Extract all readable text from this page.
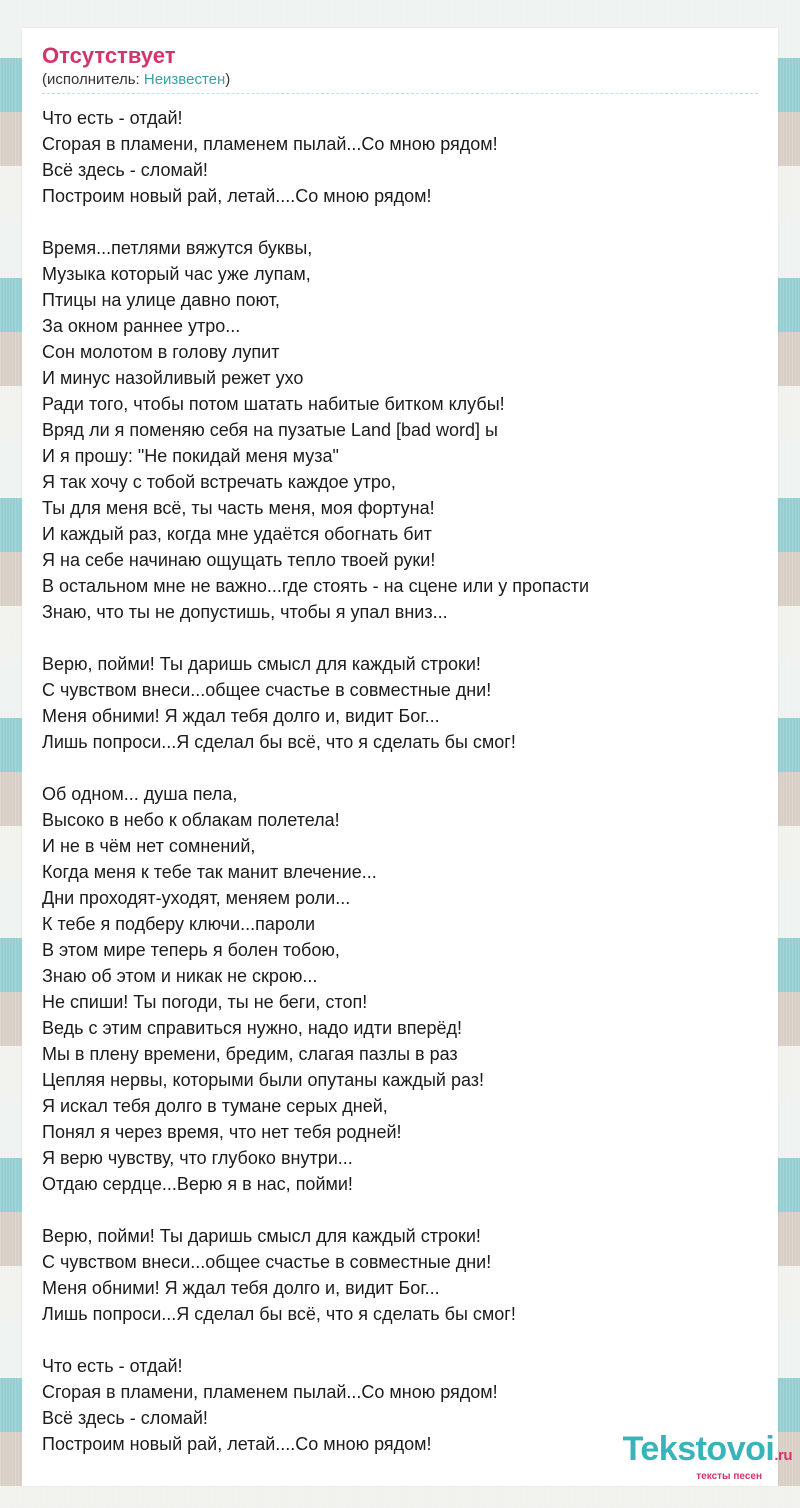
Отсутствует
(исполнитель: Неизвестен)
Что есть - отдай!
Сгорая в пламени, пламенем пылай...Со мною рядом!
Всё здесь - сломай!
Построим новый рай, летай....Со мною рядом!
Время...петлями вяжутся буквы,
Музыка который час уже лупам,
Птицы на улице давно поют,
За окном раннее утро...
Сон молотом в голову лупит
И минус назойливый режет ухо
Ради того, чтобы потом шатать набитые битком клубы!
Вряд ли я поменяю себя на пузатые Land [bad word] ы
И я прошу: "Не покидай меня муза"
Я так хочу с тобой встречать каждое утро,
Ты для меня всё, ты часть меня, моя фортуна!
И каждый раз, когда мне удаётся обогнать бит
Я на себе начинаю ощущать тепло твоей руки!
В остальном мне не важно...где стоять - на сцене или у пропасти
Знаю, что ты не допустишь, чтобы я упал вниз...
Верю, пойми! Ты даришь смысл для каждый строки!
С чувством внеси...общее счастье в совместные дни!
Меня обними! Я ждал тебя долго и, видит Бог...
Лишь попроси...Я сделал бы всё, что я сделать бы смог!
Об одном... душа пела,
Высоко в небо к облакам полетела!
И не в чём нет сомнений,
Когда меня к тебе так манит влечение...
Дни проходят-уходят, меняем роли...
К тебе я подберу ключи...пароли
В этом мире теперь я болен тобою,
Знаю об этом и никак не скрою...
Не спиши! Ты погоди, ты не беги, стоп!
Ведь с этим справиться нужно, надо идти вперёд!
Мы в плену времени, бредим, слагая пазлы в раз
Цепляя нервы, которыми были опутаны каждый раз!
Я искал тебя долго в тумане серых дней,
Понял я через время, что нет тебя родней!
Я верю чувству, что глубоко внутри...
Отдаю сердце...Верю я в нас, пойми!
Верю, пойми! Ты даришь смысл для каждый строки!
С чувством внеси...общее счастье в совместные дни!
Меня обними! Я ждал тебя долго и, видит Бог...
Лишь попроси...Я сделал бы всё, что я сделать бы смог!
Что есть - отдай!
Сгорая в пламени, пламенем пылай...Со мною рядом!
Всё здесь - сломай!
Построим новый рай, летай....Со мною рядом!	Tekstovoi.ru
тексты песен
